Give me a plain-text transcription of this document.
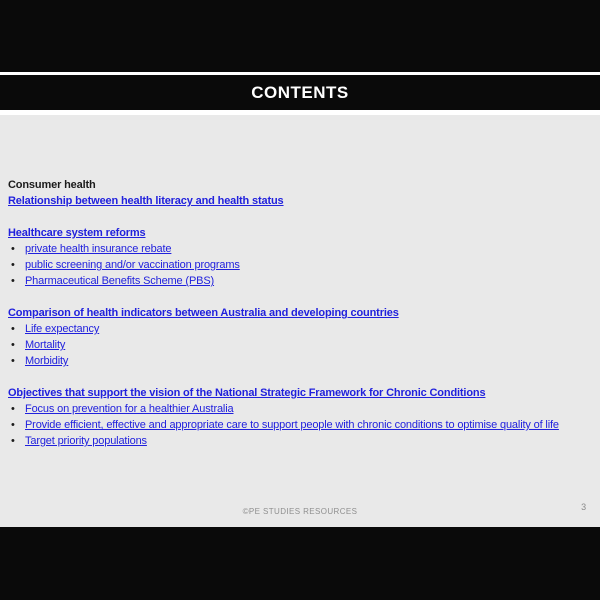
CONTENTS

Consumer health

Relationship between health literacy and health status

Healthcare system reforms

• private health insurance rebate
• public screening and/or vaccination programs
• Pharmaceutical Benefits Scheme (PBS)

Comparison of health indicators between Australia and developing countries

• Life expectancy
• Mortality
• Morbidity

Objectives that support the vision of the National Strategic Framework for Chronic Conditions

• Focus on prevention for a healthier Australia
• Provide efficient, effective and appropriate care to support people with chronic conditions to optimise quality of life
• Target priority populations
©PE STUDIES RESOURCES	3
